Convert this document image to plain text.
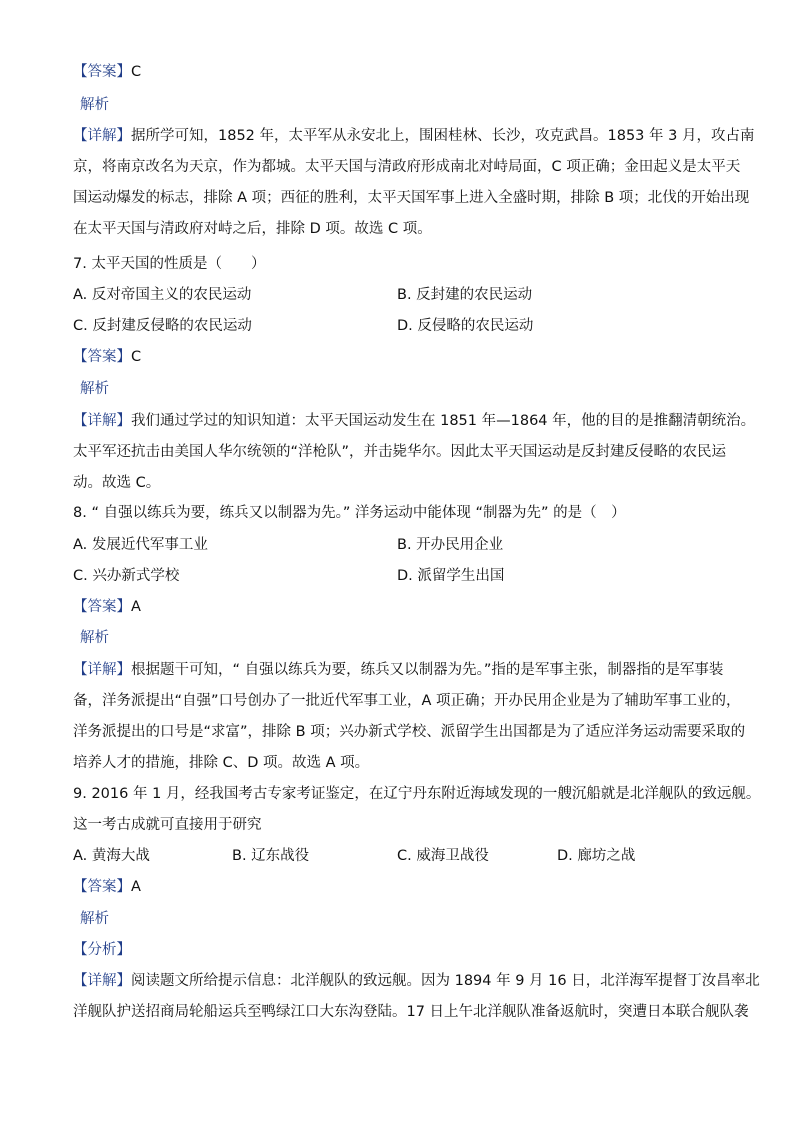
【答案】C
解析
【详解】据所学可知，1852 年，太平军从永安北上，围困桂林、长沙，攻克武昌。1853 年 3 月，攻占南
京，将南京改名为天京，作为都城。太平天国与清政府形成南北对峙局面，C 项正确；金田起义是太平天
国运动爆发的标志，排除 A 项；西征的胜利，太平天国军事上进入全盛时期，排除 B 项；北伐的开始出现
在太平天国与清政府对峙之后，排除 D 项。故选 C 项。
7. 太平天国的性质是（　　）
A. 反对帝国主义的农民运动	B. 反封建的农民运动
C. 反封建反侵略的农民运动	D. 反侵略的农民运动
【答案】C
解析
【详解】我们通过学过的知识知道：太平天国运动发生在 1851 年—1864 年，他的目的是推翻清朝统治。
太平军还抗击由美国人华尔统领的“洋枪队”，并击毙华尔。因此太平天国运动是反封建反侵略的农民运
动。故选 C。
8. “ 自强以练兵为要，练兵又以制器为先。” 洋务运动中能体现 “制器为先” 的是（　）
A. 发展近代军事工业	B. 开办民用企业
C. 兴办新式学校	D. 派留学生出国
【答案】A
解析
【详解】根据题干可知，“ 自强以练兵为要，练兵又以制器为先。”指的是军事主张，制器指的是军事装
备，洋务派提出“自强”口号创办了一批近代军事工业，A 项正确；开办民用企业是为了辅助军事工业的，
洋务派提出的口号是“求富”，排除 B 项；兴办新式学校、派留学生出国都是为了适应洋务运动需要采取的
培养人才的措施，排除 C、D 项。故选 A 项。
9. 2016 年 1 月，经我国考古专家考证鉴定，在辽宁丹东附近海域发现的一艘沉船就是北洋舰队的致远舰。
这一考古成就可直接用于研究
A. 黄海大战	B. 辽东战役	C. 威海卫战役	D. 廊坊之战
【答案】A
解析
【分析】
【详解】阅读题文所给提示信息：北洋舰队的致远舰。因为 1894 年 9 月 16 日，北洋海军提督丁汝昌率北
洋舰队护送招商局轮船运兵至鸭绿江口大东沟登陆。17 日上午北洋舰队准备返航时，突遭日本联合舰队袭
